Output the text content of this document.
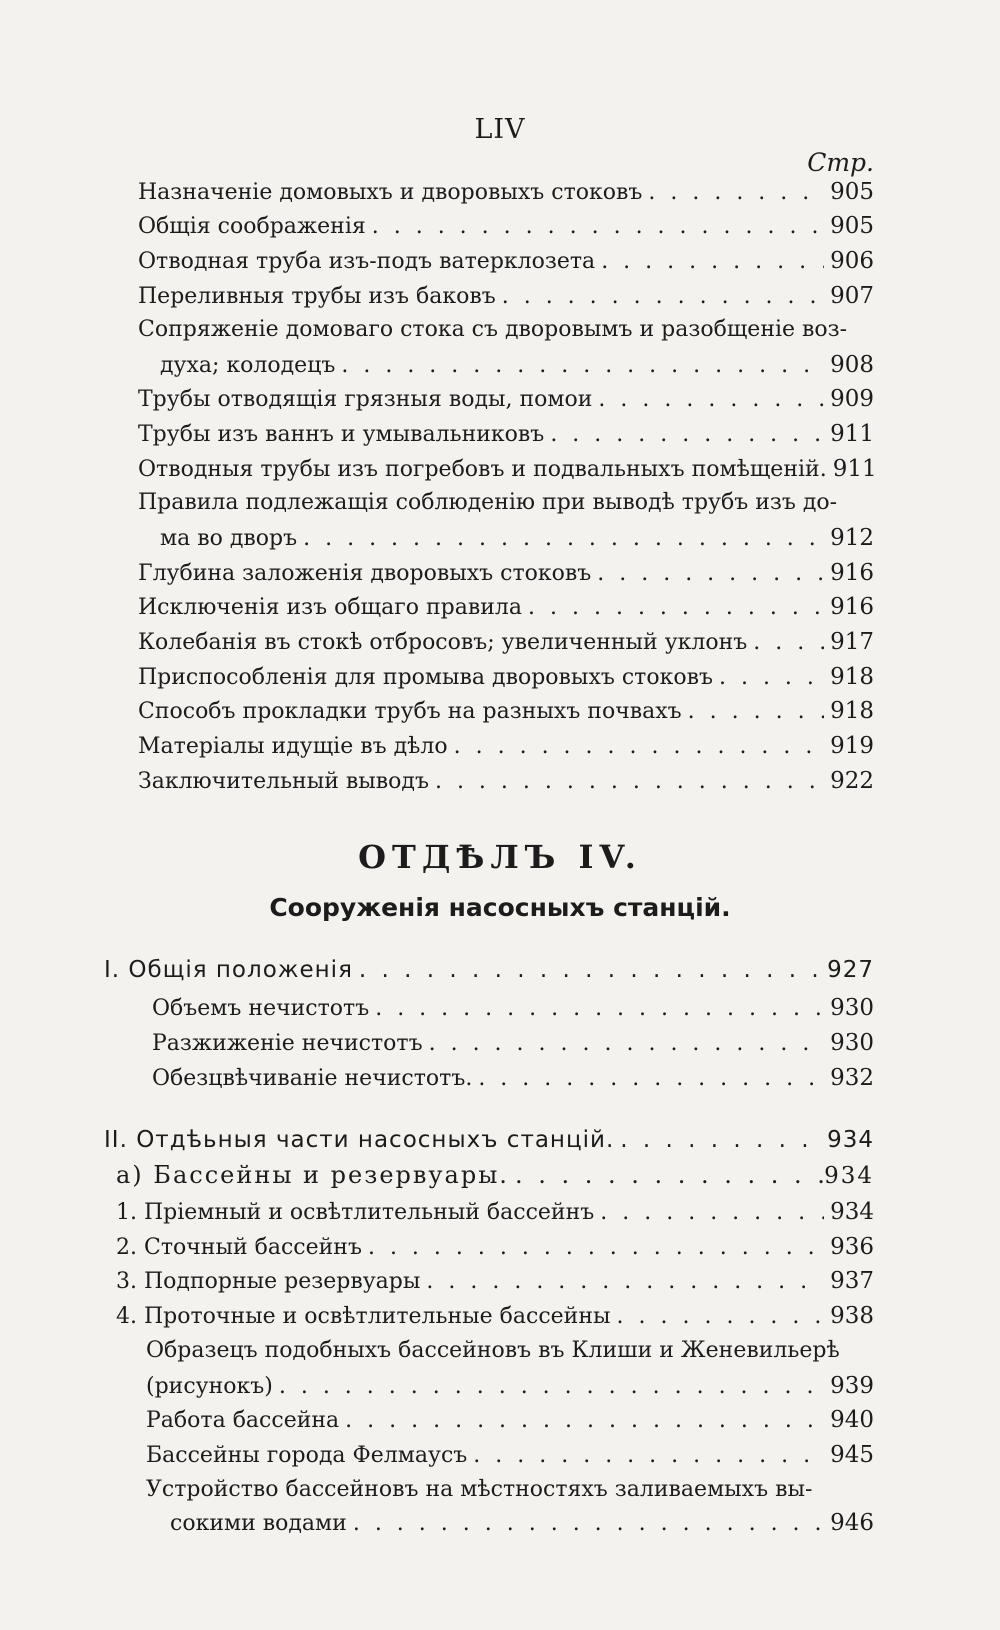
LIV
Стр.
Назначеніе домовыхъ и дворовыхъ стоковъ . . .	905
Общія соображенія . . .	905
Отводная труба изъ-подъ ватерклозета . . .	906
Переливныя трубы изъ баковъ . . .	907
Сопряженіе домоваго стока съ дворовымъ и разобщеніе воз-
духа; колодецъ . . .	908
Трубы отводящія грязныя воды, помои . . .	909
Трубы изъ ваннъ и умывальниковъ . . .	911
Отводныя трубы изъ погребовъ и подвальныхъ помѣщеній. 911
Правила подлежащія соблюденію при выводѣ трубъ изъ до-
ма во дворъ . . .	912
Глубина заложенія дворовыхъ стоковъ . . .	916
Исключенія изъ общаго правила . . .	916
Колебанія въ стокѣ отбросовъ; увеличенный уклонъ . . .	917
Приспособленія для промыва дворовыхъ стоковъ . . .	918
Способъ прокладки трубъ на разныхъ почвахъ . . .	918
Матеріалы идущіе въ дѣло . . .	919
Заключительный выводъ . . .	922
ОТДѢЛЪ IV.
Сооруженія насосныхъ станцій.
I. Общія положенія . . .	927
Объемъ нечистотъ . . .	930
Разжиженіе нечистотъ . . .	930
Обезцвѣчиваніе нечистотъ. . . .	932
II. Отдѣьныя части насосныхъ станцій. . . .	934
а) Бассейны и резервуары. . . .	934
1. Пріемный и освѣтлительный бассейнъ . . .	934
2. Сточный бассейнъ . . .	936
3. Подпорные резервуары . . .	937
4. Проточные и освѣтлительные бассейны . . .	938
Образецъ подобныхъ бассейновъ въ Клиши и Женевильерѣ
(рисунокъ) . . .	939
Работа бассейна . . .	940
Бассейны города Фелмаусъ . . .	945
Устройство бассейновъ на мѣстностяхъ заливаемыхъ вы-
сокими водами . . .	946
